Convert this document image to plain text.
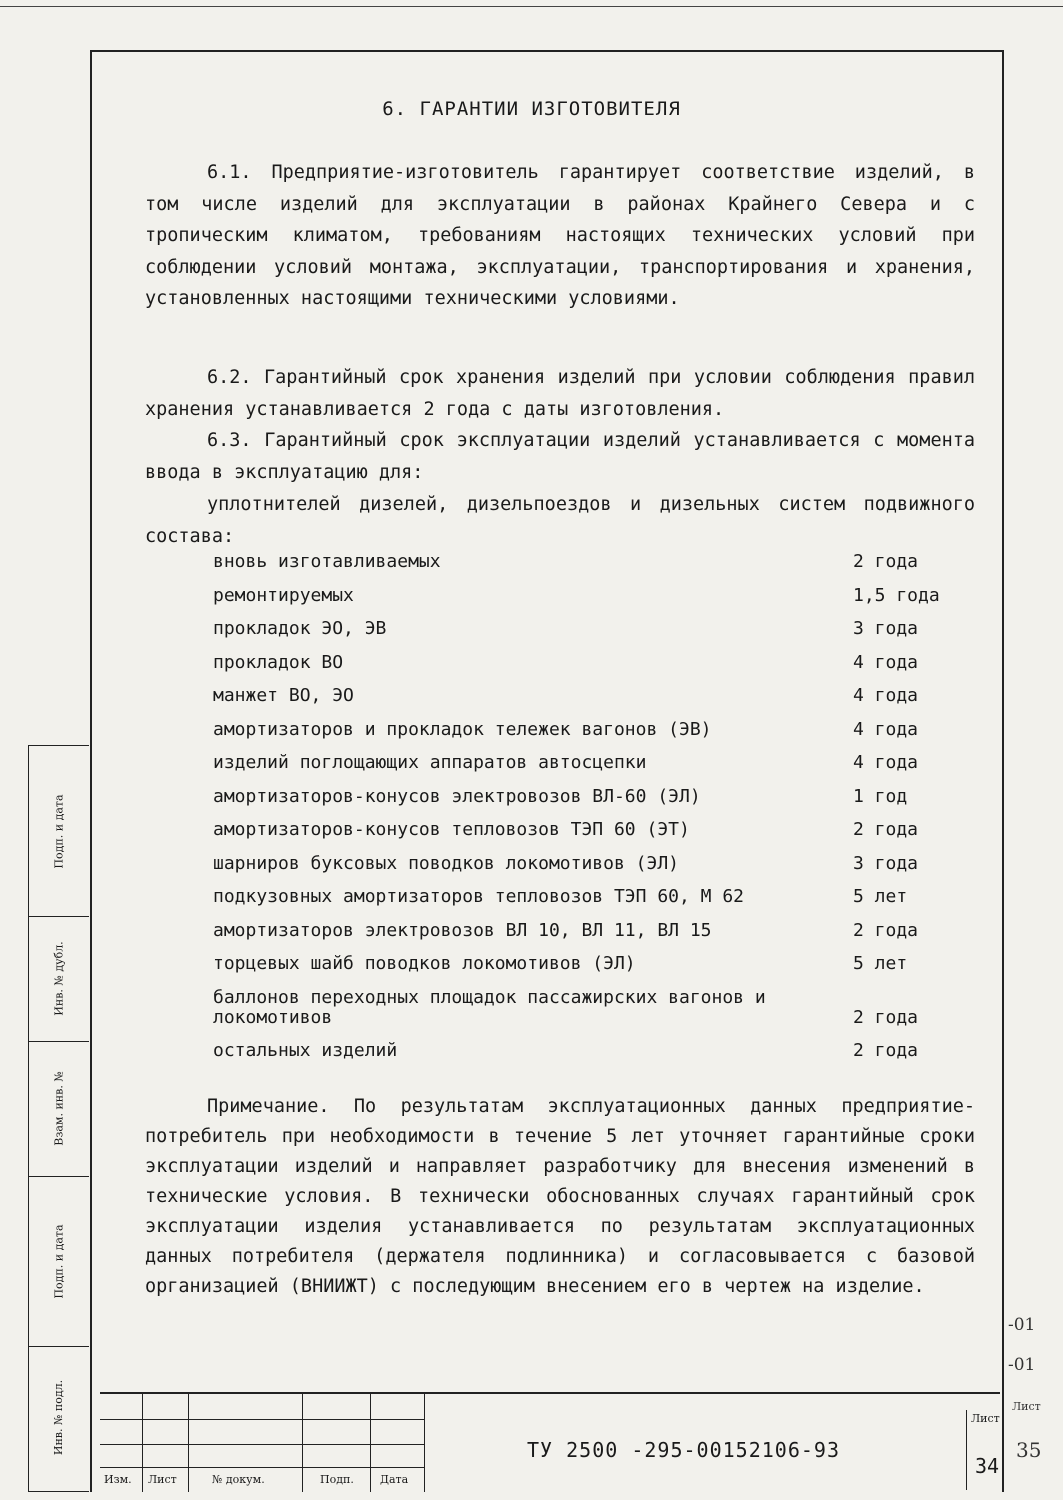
Подп. и дата
Инв. № дубл.
Взам. инв. №
Подп. и дата
Инв. № подл.
6. ГАРАНТИИ ИЗГОТОВИТЕЛЯ
6.1. Предприятие-изготовитель гарантирует соответствие изделий, в том числе изделий для эксплуатации в районах Крайнего Севера и с тропическим климатом, требованиям настоящих технических условий при соблюдении условий монтажа, эксплуатации, транспортирования и хранения, установленных настоящими техническими условиями.
6.2. Гарантийный срок хранения изделий при условии соблюдения правил хранения устанавливается 2 года с даты изготовления.
6.3. Гарантийный срок эксплуатации изделий устанавливается с момента ввода в эксплуатацию для:
уплотнителей дизелей, дизельпоездов и дизельных систем подвижного состава:
вновь изготавливаемых	2 года
ремонтируемых	1,5 года
прокладок ЭО, ЭВ	3 года
прокладок ВО	4 года
манжет ВО, ЭО	4 года
амортизаторов и прокладок тележек вагонов (ЭВ)	4 года
изделий поглощающих аппаратов автосцепки	4 года
амортизаторов-конусов электровозов ВЛ-60 (ЭЛ)	1 год
амортизаторов-конусов тепловозов ТЭП 60 (ЭТ)	2 года
шарниров буксовых поводков локомотивов (ЭЛ)	3 года
подкузовных амортизаторов тепловозов ТЭП 60, М 62	5 лет
амортизаторов электровозов ВЛ 10, ВЛ 11, ВЛ 15	2 года
торцевых шайб поводков локомотивов (ЭЛ)	5 лет
баллонов переходных площадок пассажирских вагонов и локомотивов	2 года
остальных изделий	2 года
Примечание. По результатам эксплуатационных данных предприятие-потребитель при необходимости в течение 5 лет уточняет гарантийные сроки эксплуатации изделий и направляет разработчику для внесения изменений в технические условия. В технически обоснованных случаях гарантийный срок эксплуатации изделия устанавливается по результатам эксплуатационных данных потребителя (держателя подлинника) и согласовывается с базовой организацией (ВНИИЖТ) с последующим внесением его в чертеж на изделие.
Изм. Лист	№ докум.	Подп. Дата
ТУ 2500 -295-00152106-93
Лист
34
-01
-01
Лист
35
